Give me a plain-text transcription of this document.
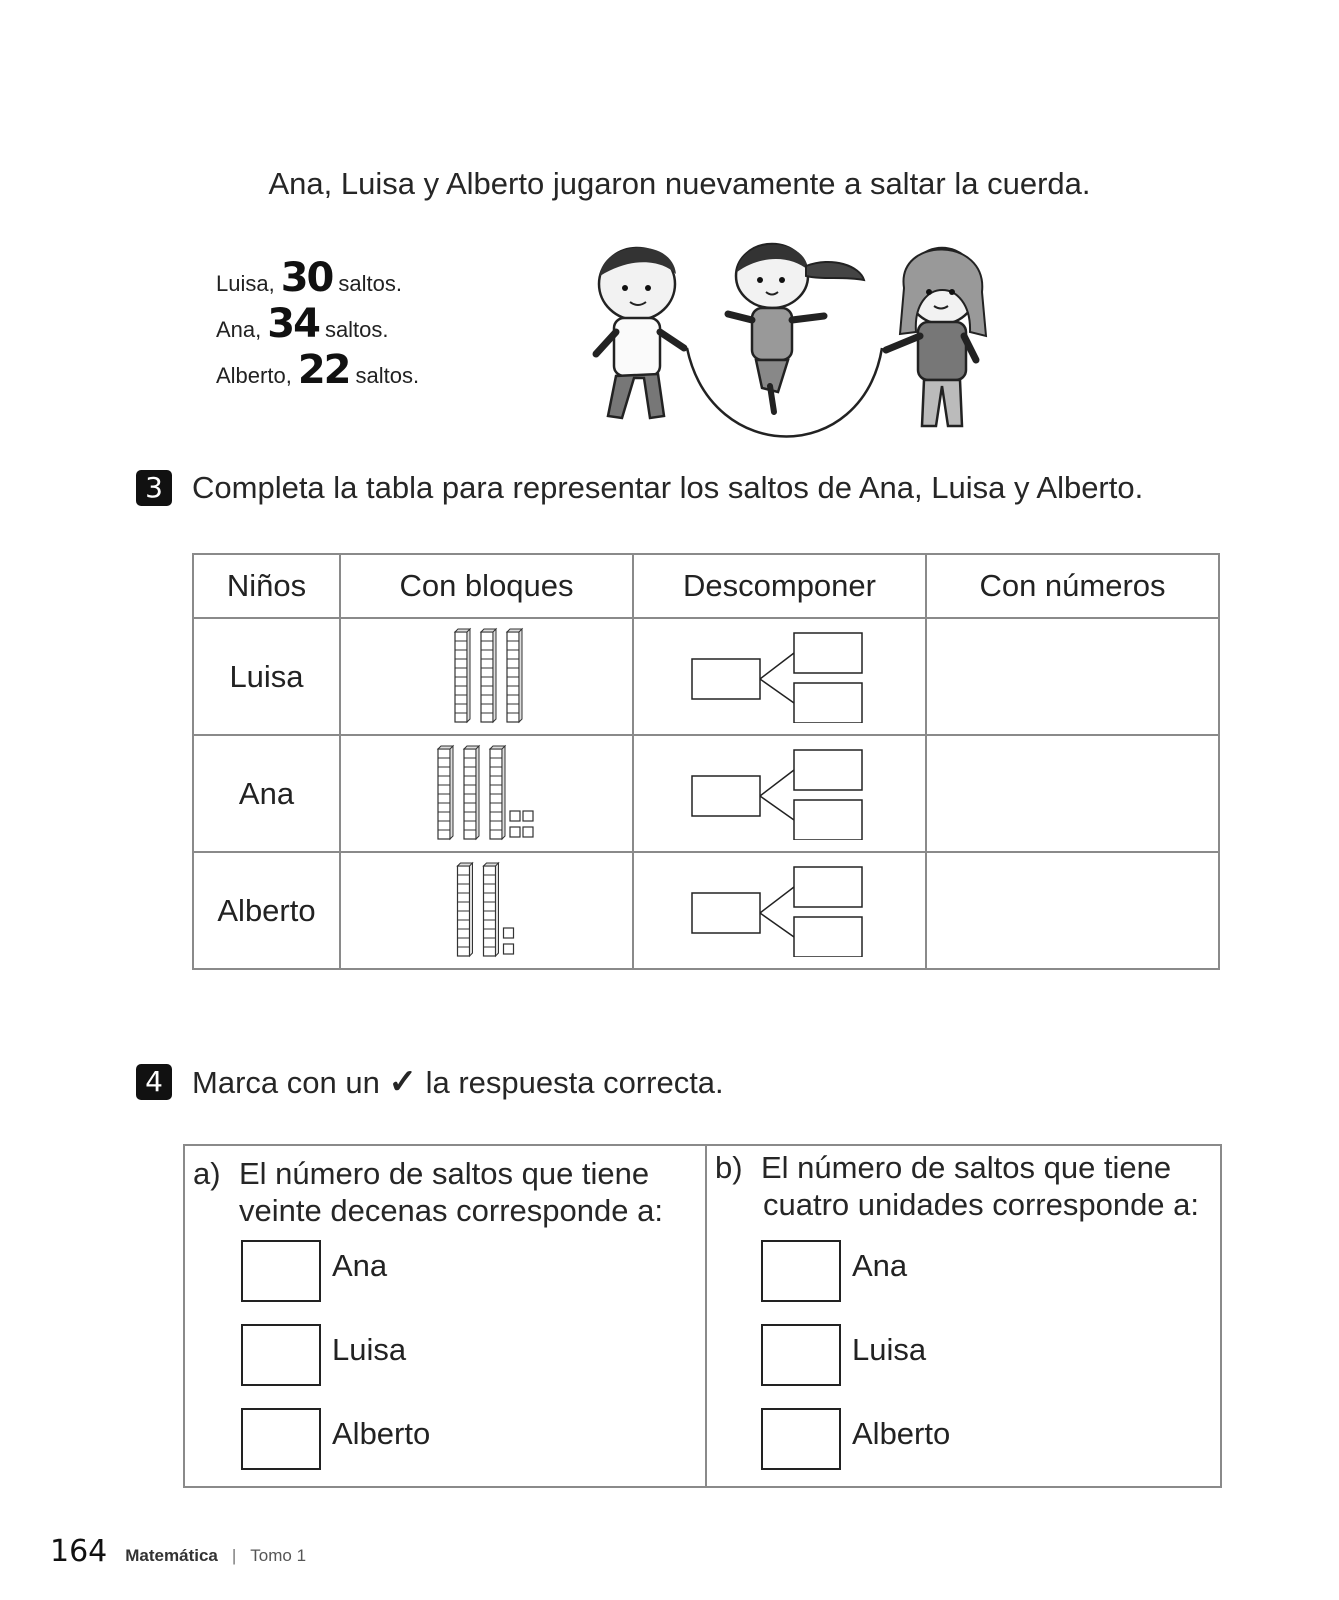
Ana, Luisa y Alberto jugaron nuevamente a saltar la cuerda.
Luisa, 30 saltos.
Ana, 34 saltos.
Alberto, 22 saltos.
3 Completa la tabla para representar los saltos de Ana, Luisa y Alberto.
Niños	Con bloques	Descomponer	Con números
Luisa	

Ana	

Alberto	

4 Marca con un ✓ la respuesta correcta.
a) El número de saltos que tiene
veinte decenas corresponde a:
Ana
Luisa
Alberto
b) El número de saltos que tiene
cuatro unidades corresponde a:
Ana
Luisa
Alberto
164 Matemática | Tomo 1
